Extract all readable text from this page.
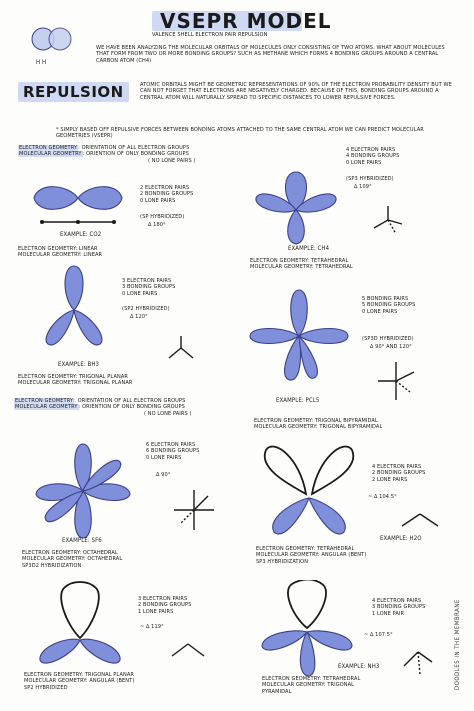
H H
VSEPR MODEL
VALENCE SHELL ELECTRON PAIR REPULSION
WE HAVE BEEN ANALYZING THE MOLECULAR ORBITALS OF MOLECULES ONLY CONSISTING OF TWO ATOMS. WHAT ABOUT MOLECULES THAT FORM FROM TWO OR MORE BONDING GROUPS? SUCH AS METHANE WHICH FORMS 4 BONDING GROUPS AROUND A CENTRAL CARBON ATOM (CH4)
REPULSION	ATOMIC ORBITALS MIGHT BE GEOMETRIC REPRESENTATIONS OF 90% OF THE ELECTRON PROBABILITY DENSITY BUT WE CAN NOT FORGET THAT ELECTRONS ARE NEGATIVELY CHARGED. BECAUSE OF THIS, BONDING GROUPS AROUND A CENTRAL ATOM WILL NATURALLY SPREAD TO SPECIFIC DISTANCES TO LOWER REPULSIVE FORCES.
* SIMPLY BASED OFF REPULSIVE FORCES BETWEEN BONDING ATOMS ATTACHED TO THE SAME CENTRAL ATOM WE CAN PREDICT MOLECULAR GEOMETRIES (VSEPR)
ELECTRON GEOMETRY: ORIENTATION OF ALL ELECTRON GROUPS
MOLECULAR GEOMETRY: ORIENTION OF ONLY BONDING GROUPS
( NO LONE PAIRS )
2 ELECTRON PAIRS
2 BONDING GROUPS
0 LONE PAIRS
(SP HYBRIDIZED)
∆ 180°
EXAMPLE: CO2
ELECTRON GEOMETRY: LINEAR
MOLECULAR GEOMETRY: LINEAR
4 ELECTRON PAIRS
4 BONDING GROUPS
0 LONE PAIRS
(SP3 HYBRIDIZED)
∆ 109°
EXAMPLE: CH4
ELECTRON GEOMETRY: TETRAHEDRAL
MOLECULAR GEOMETRY: TETRAHEDRAL
3 ELECTRON PAIRS
3 BONDING GROUPS
0 LONE PAIRS
(SP2 HYBRIDIZED)
∆ 120°
EXAMPLE: BH3
ELECTRON GEOMETRY: TRIGONAL PLANAR
MOLECULAR GEOMETRY: TRIGONAL PLANAR
5 BONDING PAIRS
5 BONDING GROUPS
0 LONE PAIRS
(SP3D HYBRIDIZED)
∆ 90° AND 120°
EXAMPLE: PCL5
ELECTRON GEOMETRY: ORIENTATION OF ALL ELECTRON GROUPS
MOLECULAR GEOMETRY: ORIENTION OF ONLY BONDING GROUPS
( NO LONE PAIRS )
ELECTRON GEOMETRY: TRIGONAL BIPYRAMIDAL
MOLECULAR GEOMETRY: TRIGONAL BIPYRAMIDAL
6 ELECTRON PAIRS
6 BONDING GROUPS
0 LONE PAIRS
∆ 90°
EXAMPLE: SF6
ELECTRON GEOMETRY: OCTAHEDRAL
MOLECULAR GEOMETRY: OCTAHEDRAL
SP3D2 HYBRIDIZATION
4 ELECTRON PAIRS
2 BONDING GROUPS
2 LONE PAIRS
~ ∆ 104.5°
EXAMPLE: H2O
ELECTRON GEOMETRY: TETRAHEDRAL
MOLECULAR GEOMETRY: ANGULAR (BENT)
SP3 HYBRIDIZATION
3 ELECTRON PAIRS
2 BONDING GROUPS
1 LONE PAIRS
~ ∆ 119°
ELECTRON GEOMETRY: TRIGONAL PLANAR
MOLECULAR GEOMETRY: ANGULAR (BENT)
SP2 HYBRIDIZED
4 ELECTRON PAIRS
3 BONDING GROUPS
1 LONE PAIR
~ ∆ 107.5°
EXAMPLE: NH3
ELECTRON GEOMETRY: TETRAHEDRAL
MOLECULAR GEOMETRY: TRIGONAL
PYRAMIDAL
DOODLES IN THE MEMBRANE
